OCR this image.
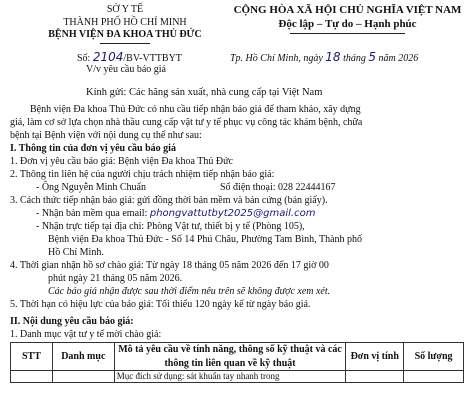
SỞ Y TẾ
THÀNH PHỐ HỒ CHÍ MINH
BỆNH VIỆN ĐA KHOA THỦ ĐỨC
CỘNG HÒA XÃ HỘI CHỦ NGHĨA VIỆT NAM
Độc lập – Tự do – Hạnh phúc
Số: 2104/BV-VTTBYT
V/v yêu cầu báo giá
Tp. Hồ Chí Minh, ngày 18 tháng 5 năm 2026
Kính gửi: Các hãng sản xuất, nhà cung cấp tại Việt Nam
Bệnh viện Đa khoa Thủ Đức có nhu cầu tiếp nhận báo giá để tham khảo, xây dựng
giá, làm cơ sở lựa chọn nhà thầu cung cấp vật tư y tế phục vụ công tác khám bệnh, chữa
bệnh tại Bệnh viện với nội dung cụ thể như sau:
I. Thông tin của đơn vị yêu cầu báo giá
1. Đơn vị yêu cầu báo giá: Bệnh viện Đa khoa Thủ Đức
2. Thông tin liên hệ của người chịu trách nhiệm tiếp nhận báo giá:
- Ông Nguyễn Minh Chuẩn	Số điện thoại: 028 22444167
3. Cách thức tiếp nhận báo giá: gửi đồng thời bản mềm và bản cứng (bản giấy).
- Nhận bản mềm qua email: phongvattutbyt2025@gmail.com
- Nhận trực tiếp tại địa chỉ: Phòng Vật tư, thiết bị y tế (Phòng 105),
Bệnh viện Đa khoa Thủ Đức - Số 14 Phú Châu, Phường Tam Bình, Thành phố
Hồ Chí Minh.
4. Thời gian nhận hồ sơ chào giá: Từ ngày 18 tháng 05 năm 2026 đến 17 giờ 00
phút ngày 21 tháng 05 năm 2026.
Các báo giá nhận được sau thời điểm nêu trên sẽ không được xem xét.
5. Thời hạn có hiệu lực của báo giá: Tối thiểu 120 ngày kể từ ngày báo giá.
II. Nội dung yêu cầu báo giá:
1. Danh mục vật tư y tế mời chào giá:
STT	Danh mục	Mô tả yêu cầu về tính năng, thông số kỹ thuật và các thông tin liên quan về kỹ thuật	Đơn vị tính	Số lượng
		Mục đích sử dụng: sát khuẩn tay nhanh trong		
